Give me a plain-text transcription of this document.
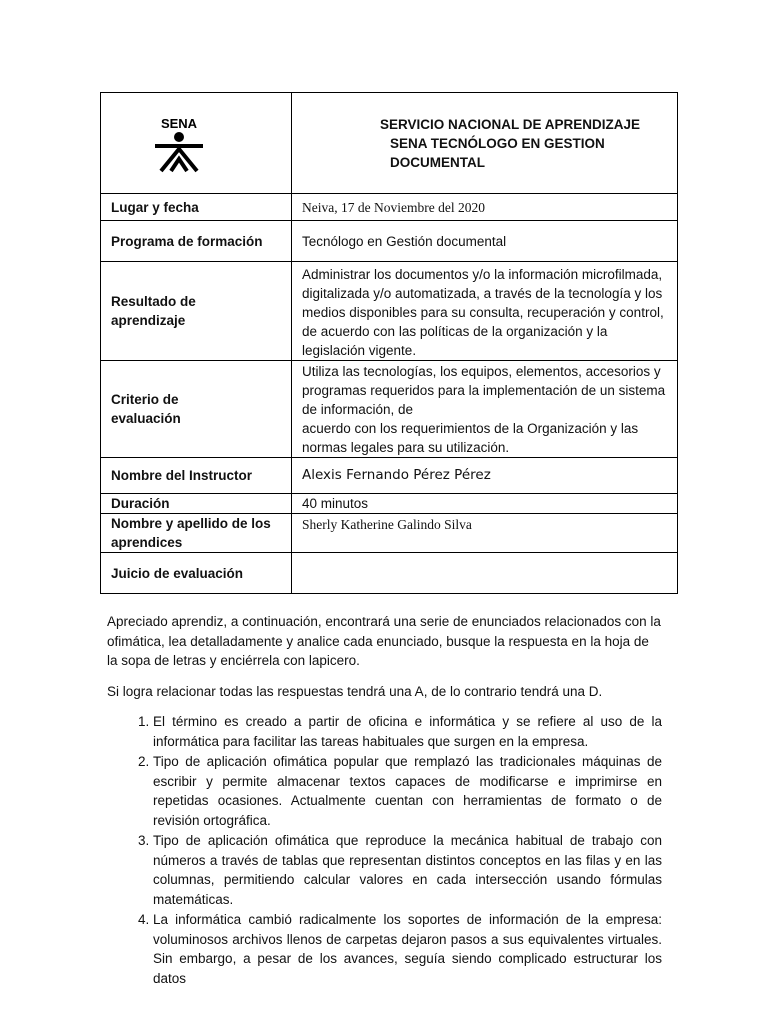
SENA	SERVICIO NACIONAL DE APRENDIZAJE
SENA TECNÓLOGO EN GESTION
DOCUMENTAL

Lugar y fecha	Neiva, 17 de Noviembre del 2020
Programa de formación	Tecnólogo en Gestión documental
Resultado de aprendizaje	Administrar los documentos y/o la información microfilmada, digitalizada y/o automatizada, a través de la tecnología y los medios disponibles para su consulta, recuperación y control, de acuerdo con las políticas de la organización y la legislación vigente.
Criterio de evaluación	Utiliza las tecnologías, los equipos, elementos, accesorios y programas requeridos para la implementación de un sistema de información, de
acuerdo con los requerimientos de la Organización y las normas legales para su utilización.

Nombre del Instructor	Alexis Fernando Pérez Pérez
Duración	40 minutos
Nombre y apellido de los aprendices	Sherly Katherine Galindo Silva
Juicio de evaluación	

Apreciado aprendiz, a continuación, encontrará una serie de enunciados relacionados con la ofimática, lea detalladamente y analice cada enunciado, busque la respuesta en la hoja de la sopa de letras y enciérrela con lapicero.

Si logra relacionar todas las respuestas tendrá una A, de lo contrario tendrá una D.

1. El término es creado a partir de oficina e informática y se refiere al uso de la informática para facilitar las tareas habituales que surgen en la empresa.
2. Tipo de aplicación ofimática popular que remplazó las tradicionales máquinas de escribir y permite almacenar textos capaces de modificarse e imprimirse en repetidas ocasiones. Actualmente cuentan con herramientas de formato o de revisión ortográfica.
3. Tipo de aplicación ofimática que reproduce la mecánica habitual de trabajo con números a través de tablas que representan distintos conceptos en las filas y en las columnas, permitiendo calcular valores en cada intersección usando fórmulas matemáticas.
4. La informática cambió radicalmente los soportes de información de la empresa: voluminosos archivos llenos de carpetas dejaron pasos a sus equivalentes virtuales. Sin embargo, a pesar de los avances, seguía siendo complicado estructurar los datos
